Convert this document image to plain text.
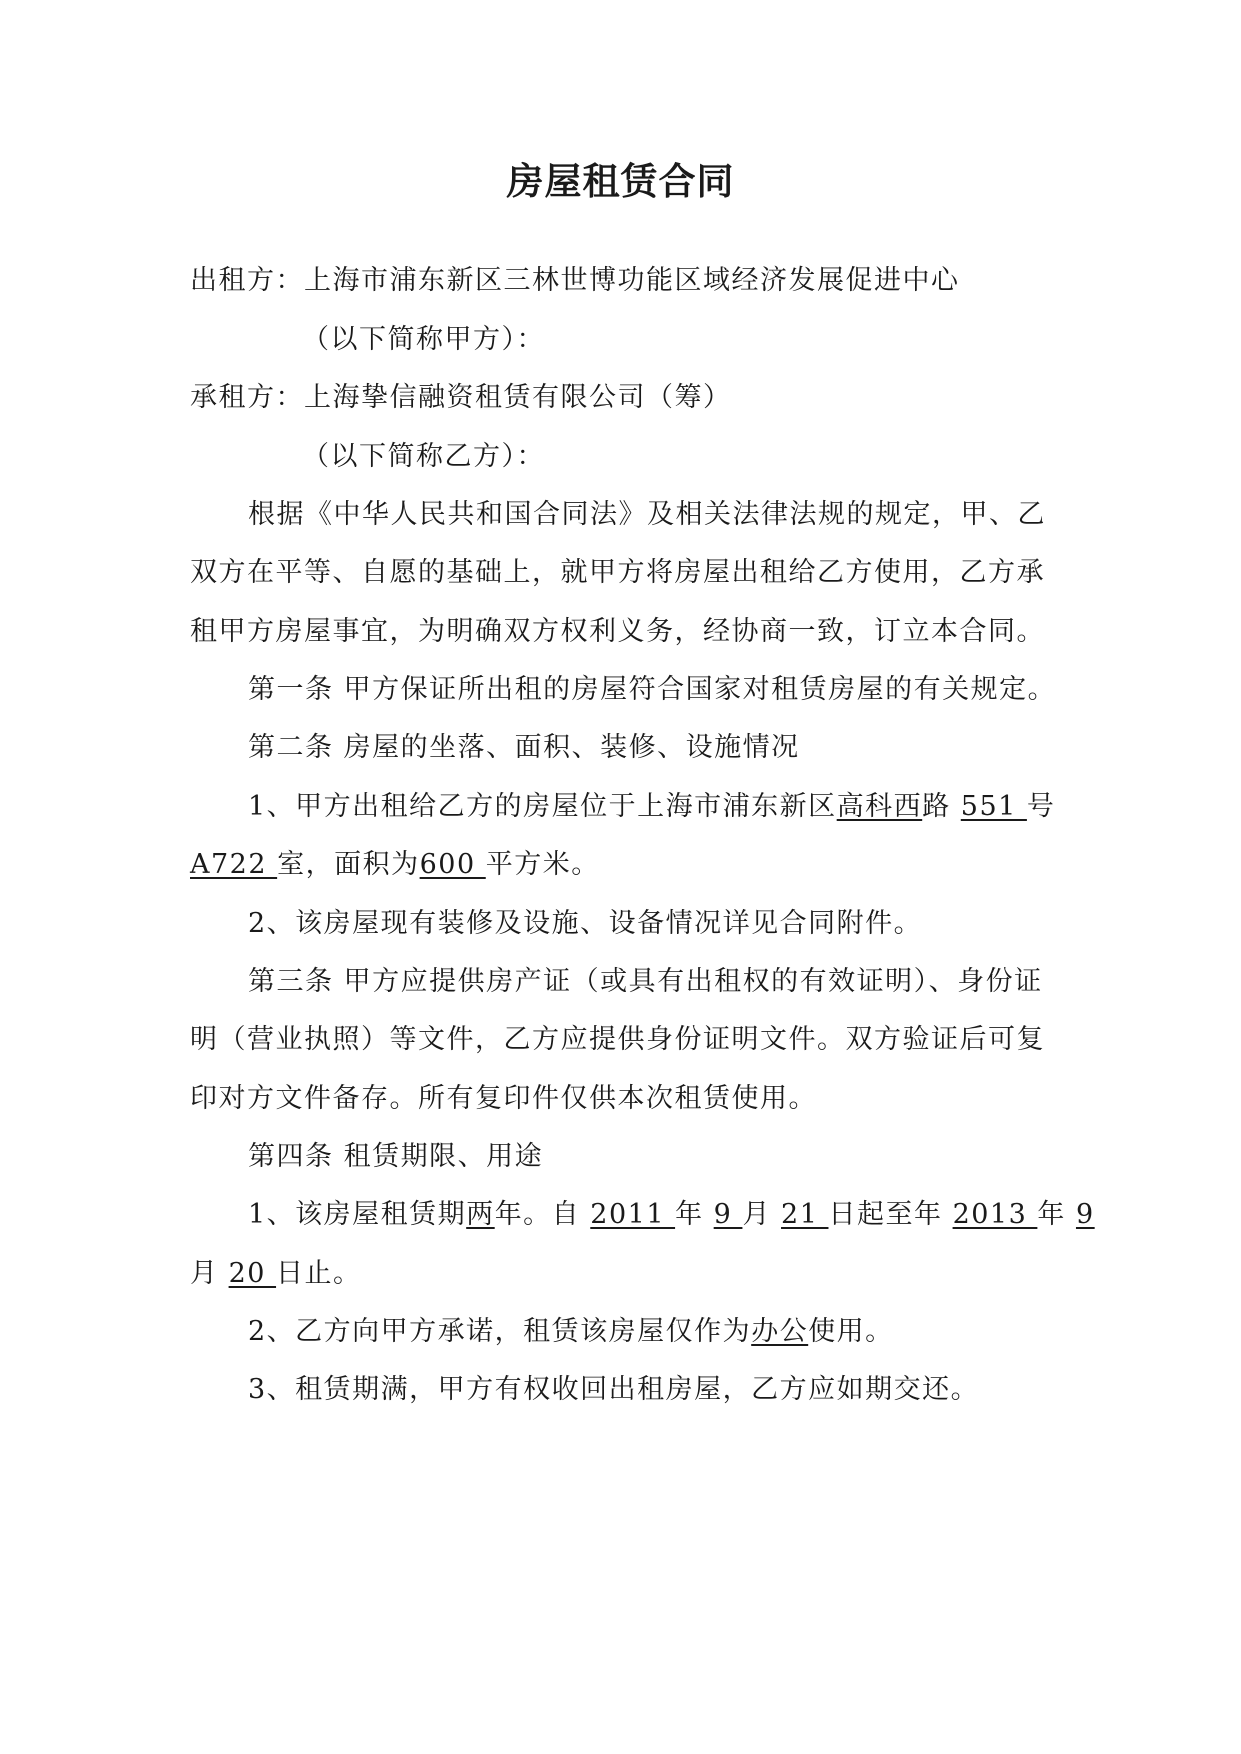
房屋租赁合同
出租方：上海市浦东新区三林世博功能区域经济发展促进中心
（以下简称甲方）：
承租方：上海挚信融资租赁有限公司（筹）
（以下简称乙方）：
根据《中华人民共和国合同法》及相关法律法规的规定，甲、乙
双方在平等、自愿的基础上，就甲方将房屋出租给乙方使用，乙方承
租甲方房屋事宜，为明确双方权利义务，经协商一致，订立本合同。
第一条 甲方保证所出租的房屋符合国家对租赁房屋的有关规定。
第二条 房屋的坐落、面积、装修、设施情况
1、甲方出租给乙方的房屋位于上海市浦东新区高科西路 551 号
A722 室，面积为600 平方米。
2、该房屋现有装修及设施、设备情况详见合同附件。
第三条 甲方应提供房产证（或具有出租权的有效证明）、身份证
明（营业执照）等文件，乙方应提供身份证明文件。双方验证后可复
印对方文件备存。所有复印件仅供本次租赁使用。
第四条 租赁期限、用途
1、该房屋租赁期两年。自 2011 年 9 月 21 日起至年 2013 年 9
月 20 日止。
2、乙方向甲方承诺，租赁该房屋仅作为办公使用。
3、租赁期满，甲方有权收回出租房屋，乙方应如期交还。
